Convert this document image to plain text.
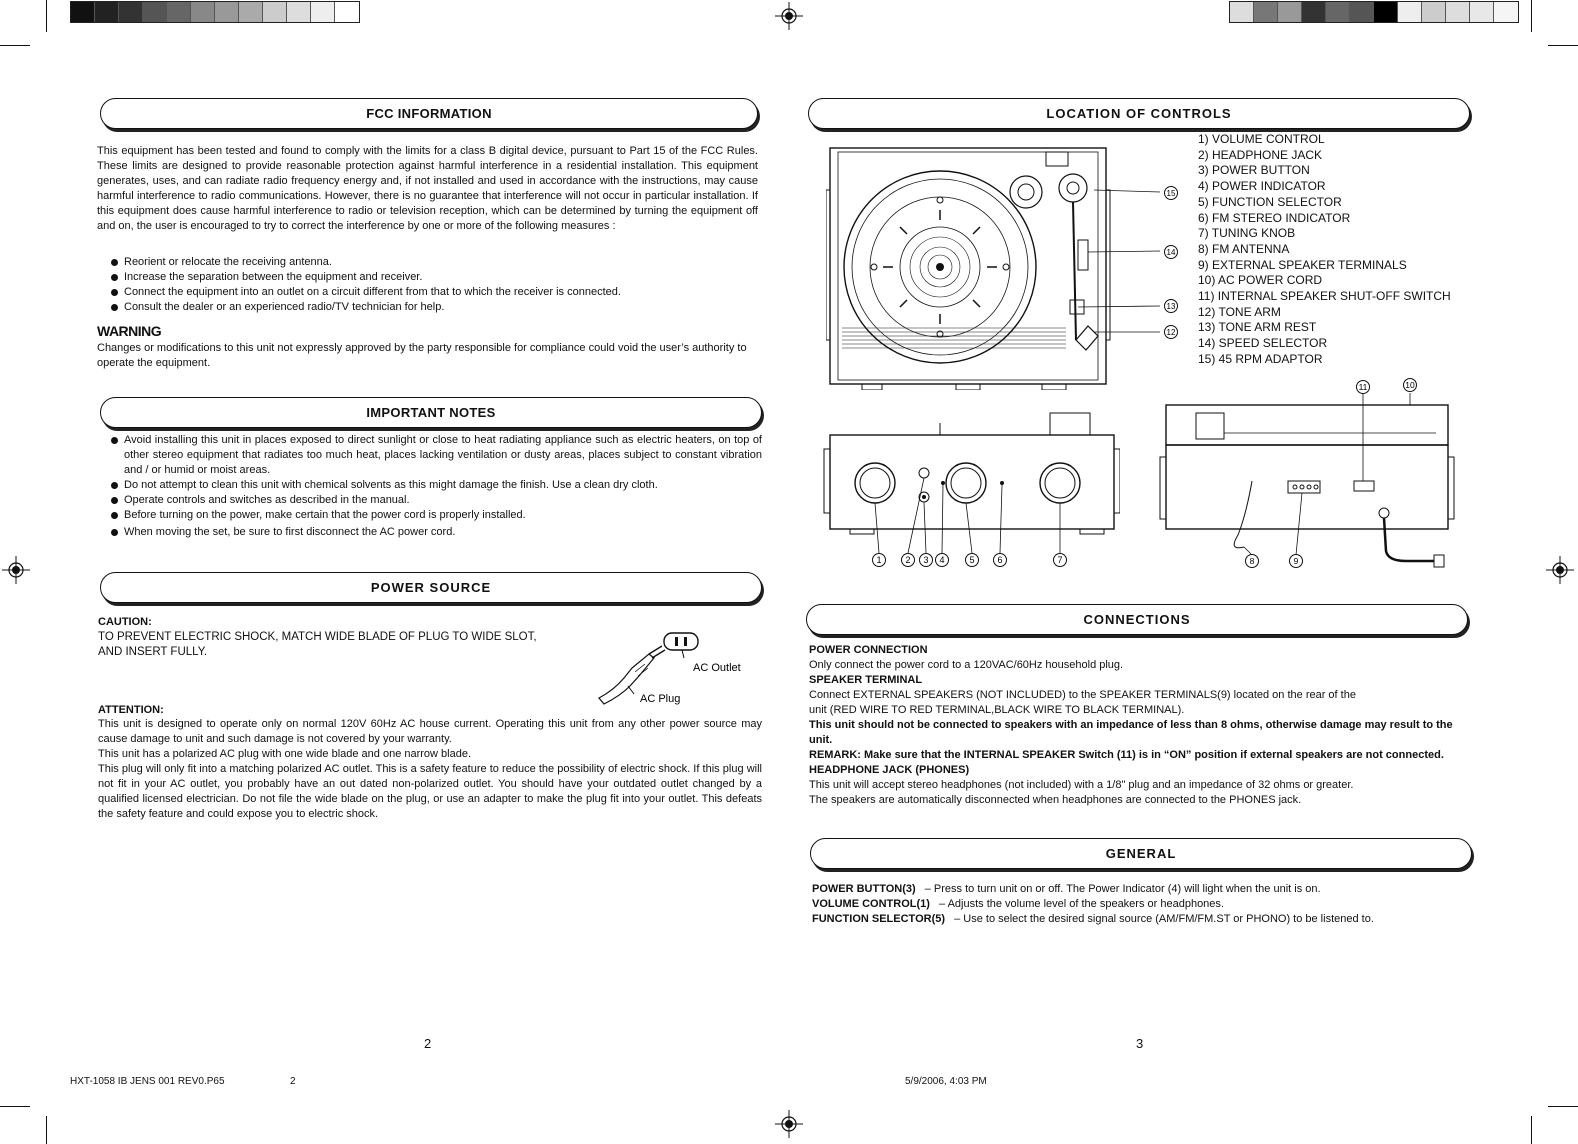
FCC INFORMATION

This equipment has been tested and found to comply with the limits for a class B digital device, pursuant to Part 15 of the FCC Rules. These limits are designed to provide reasonable protection against harmful interference in a residential installation. This equipment generates, uses, and can radiate radio frequency energy and, if not installed and used in accordance with the instructions, may cause harmful interference to radio communications. However, there is no guarantee that interference will not occur in particular installation. If this equipment does cause harmful interference to radio or television reception, which can be determined by turning the equipment off and on, the user is encouraged to try to correct the interference by one or more of the following measures :

Reorient or relocate the receiving antenna.
Increase the separation between the equipment and receiver.
Connect the equipment into an outlet on a circuit different from that to which the receiver is connected.
Consult the dealer or an experienced radio/TV technician for help.
WARNING

Changes or modifications to this unit not expressly approved by the party responsible for compliance could void the user’s authority to operate the equipment.

IMPORTANT NOTES
Avoid installing this unit in places exposed to direct sunlight or close to heat radiating appliance such as electric heaters, on top of other stereo equipment that radiates too much heat, places lacking ventilation or dusty areas, places subject to constant vibration and / or humid or moist areas.
Do not attempt to clean this unit with chemical solvents as this might damage the finish. Use a clean dry cloth.
Operate controls and switches as described in the manual.
Before turning on the power, make certain that the power cord is properly installed.
When moving the set, be sure to first disconnect the AC power cord.
POWER SOURCE
CAUTION:
TO PREVENT ELECTRIC SHOCK, MATCH WIDE BLADE OF PLUG TO WIDE SLOT,
AND INSERT FULLY.
AC Outlet
AC Plug
ATTENTION:

This unit is designed to operate only on normal 120V 60Hz AC house current. Operating this unit from any other power source may cause damage to unit and such damage is not covered by your warranty.

This unit has a polarized AC plug with one wide blade and one narrow blade.

This plug will only fit into a matching polarized AC outlet. This is a safety feature to reduce the possibility of electric shock. If this plug will not fit in your AC outlet, you probably have an out dated non-polarized outlet. You should have your outdated outlet changed by a qualified licensed electrician. Do not file the wide blade on the plug, or use an adapter to make the plug fit into your outlet. This defeats the safety feature and could expose you to electric shock.

2
LOCATION OF CONTROLS
15
14
13
12
1) VOLUME CONTROL
2) HEADPHONE JACK
3) POWER BUTTON
4) POWER INDICATOR
5) FUNCTION SELECTOR
6) FM STEREO INDICATOR
7) TUNING KNOB
8) FM ANTENNA
9) EXTERNAL SPEAKER TERMINALS
10) AC POWER CORD
11) INTERNAL SPEAKER SHUT-OFF SWITCH
12) TONE ARM
13) TONE ARM REST
14) SPEED SELECTOR
15) 45 RPM ADAPTOR
1	2 3 4	5	6	7
11	10
8	9
CONNECTIONS
POWER CONNECTION
Only connect the power cord to a 120VAC/60Hz household plug.
SPEAKER TERMINAL
Connect EXTERNAL SPEAKERS (NOT INCLUDED) to the SPEAKER TERMINALS(9) located on the rear of the
unit (RED WIRE TO RED TERMINAL,BLACK WIRE TO BLACK TERMINAL).
This unit should not be connected to speakers with an impedance of less than 8 ohms, otherwise damage may result to the unit.
REMARK: Make sure that the INTERNAL SPEAKER Switch (11) is in “ON” position if external speakers are not connected.
HEADPHONE JACK (PHONES)
This unit will accept stereo headphones (not included) with a 1/8" plug and an impedance of 32 ohms or greater.
The speakers are automatically disconnected when headphones are connected to the PHONES jack.
GENERAL
POWER BUTTON(3) – Press to turn unit on or off. The Power Indicator (4) will light when the unit is on.
VOLUME CONTROL(1) – Adjusts the volume level of the speakers or headphones.
FUNCTION SELECTOR(5) – Use to select the desired signal source (AM/FM/FM.ST or PHONO) to be listened to.
3
HXT-1058 IB JENS 001 REV0.P65	2	5/9/2006, 4:03 PM
